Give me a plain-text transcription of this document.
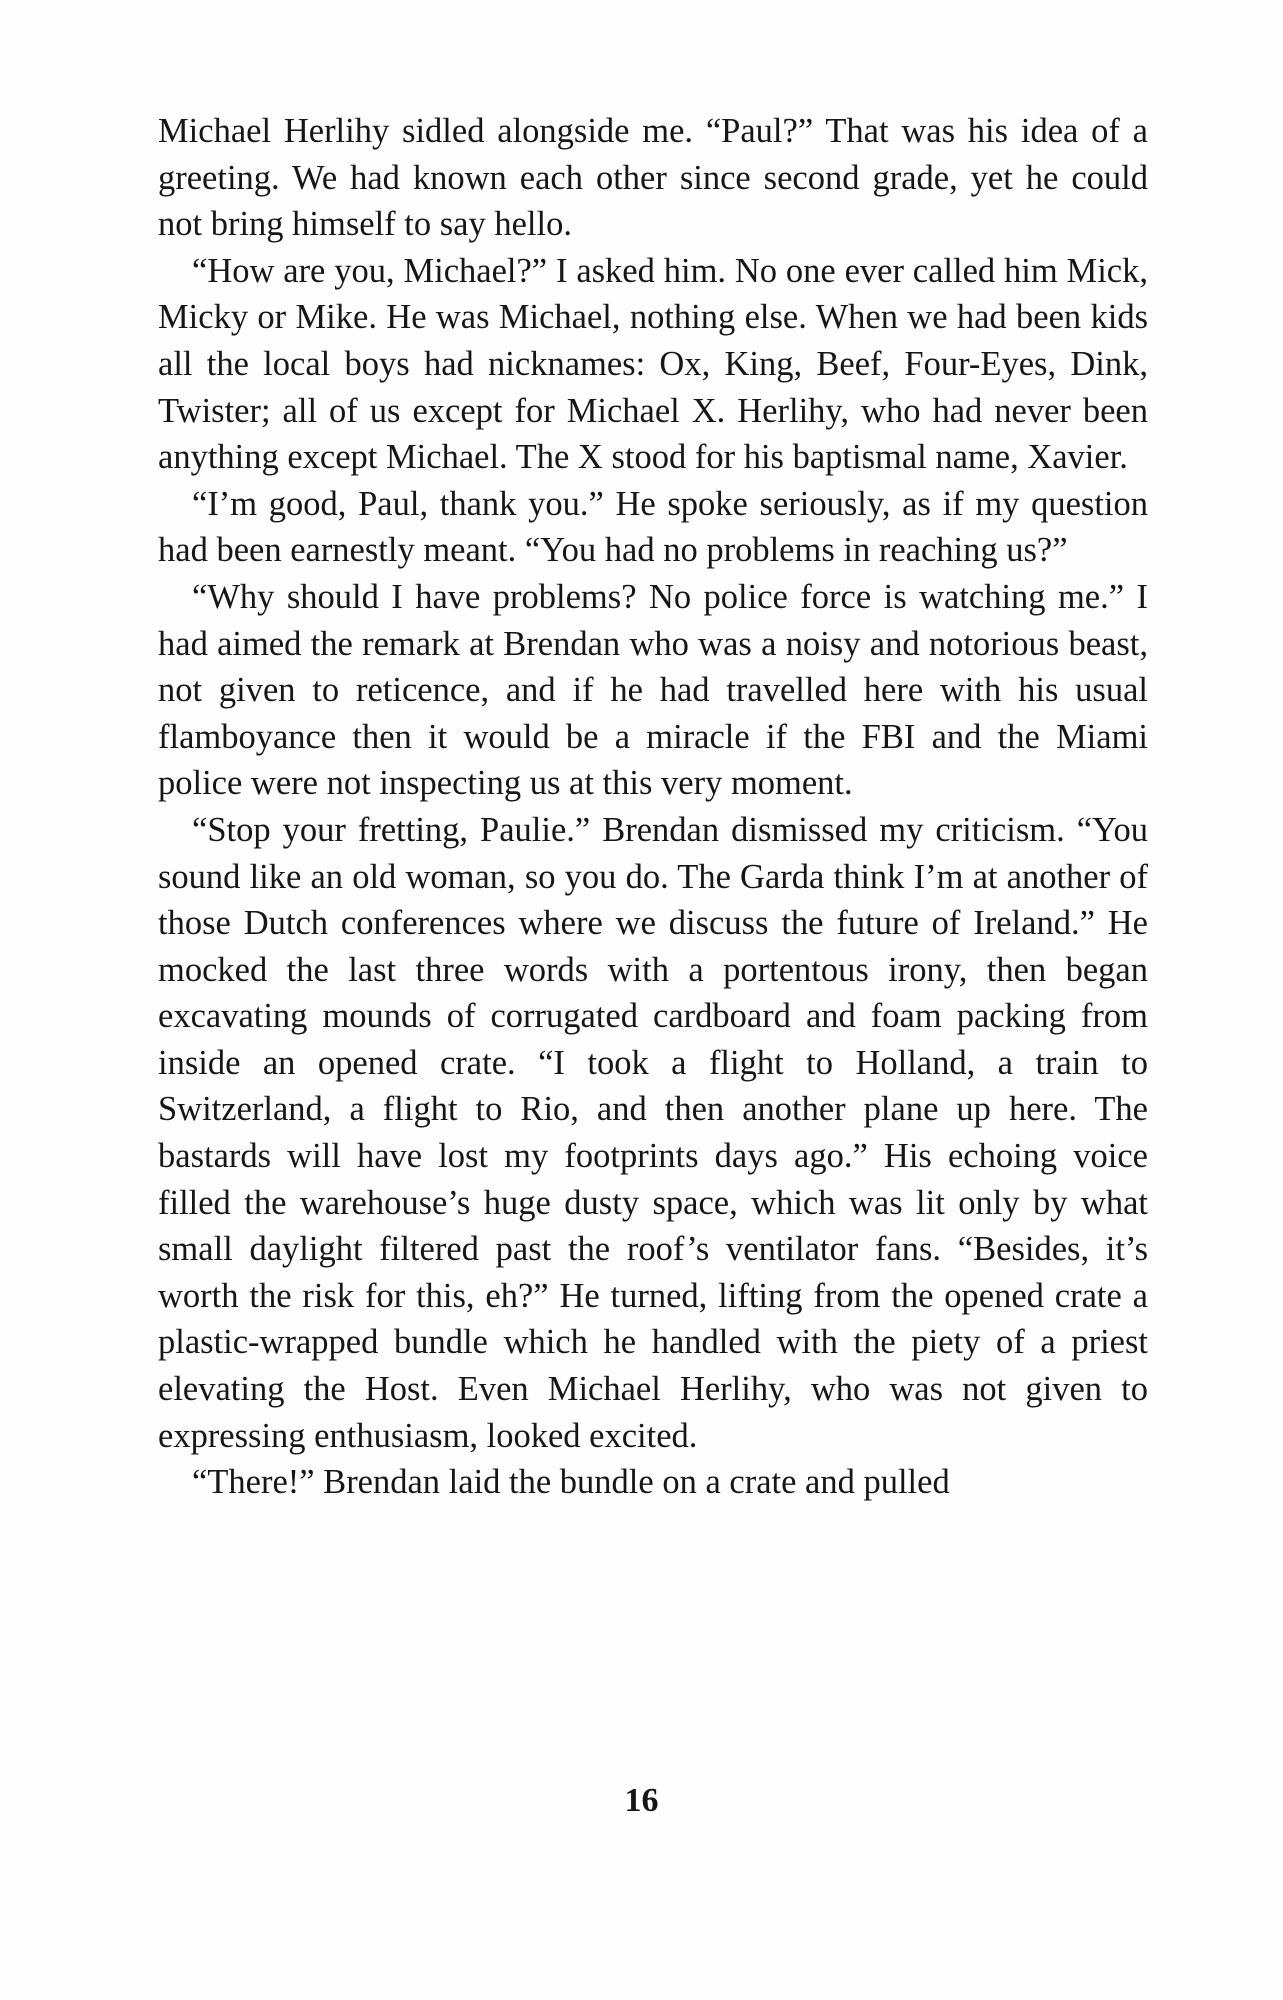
Michael Herlihy sidled alongside me. “Paul?” That was his idea of a greeting. We had known each other since second grade, yet he could not bring himself to say hello.

“How are you, Michael?” I asked him. No one ever called him Mick, Micky or Mike. He was Michael, nothing else. When we had been kids all the local boys had nicknames: Ox, King, Beef, Four-Eyes, Dink, Twister; all of us except for Michael X. Herlihy, who had never been anything except Michael. The X stood for his baptismal name, Xavier.

“I’m good, Paul, thank you.” He spoke seriously, as if my question had been earnestly meant. “You had no problems in reaching us?”

“Why should I have problems? No police force is watching me.” I had aimed the remark at Brendan who was a noisy and notorious beast, not given to reticence, and if he had travelled here with his usual flamboyance then it would be a miracle if the FBI and the Miami police were not inspecting us at this very moment.

“Stop your fretting, Paulie.” Brendan dismissed my criticism. “You sound like an old woman, so you do. The Garda think I’m at another of those Dutch conferences where we discuss the future of Ireland.” He mocked the last three words with a portentous irony, then began excavating mounds of corrugated cardboard and foam packing from inside an opened crate. “I took a flight to Holland, a train to Switzerland, a flight to Rio, and then another plane up here. The bastards will have lost my footprints days ago.” His echoing voice filled the warehouse’s huge dusty space, which was lit only by what small daylight filtered past the roof’s ventilator fans. “Besides, it’s worth the risk for this, eh?” He turned, lifting from the opened crate a plastic-wrapped bundle which he handled with the piety of a priest elevating the Host. Even Michael Herlihy, who was not given to expressing enthusiasm, looked excited.

“There!” Brendan laid the bundle on a crate and pulled

16
